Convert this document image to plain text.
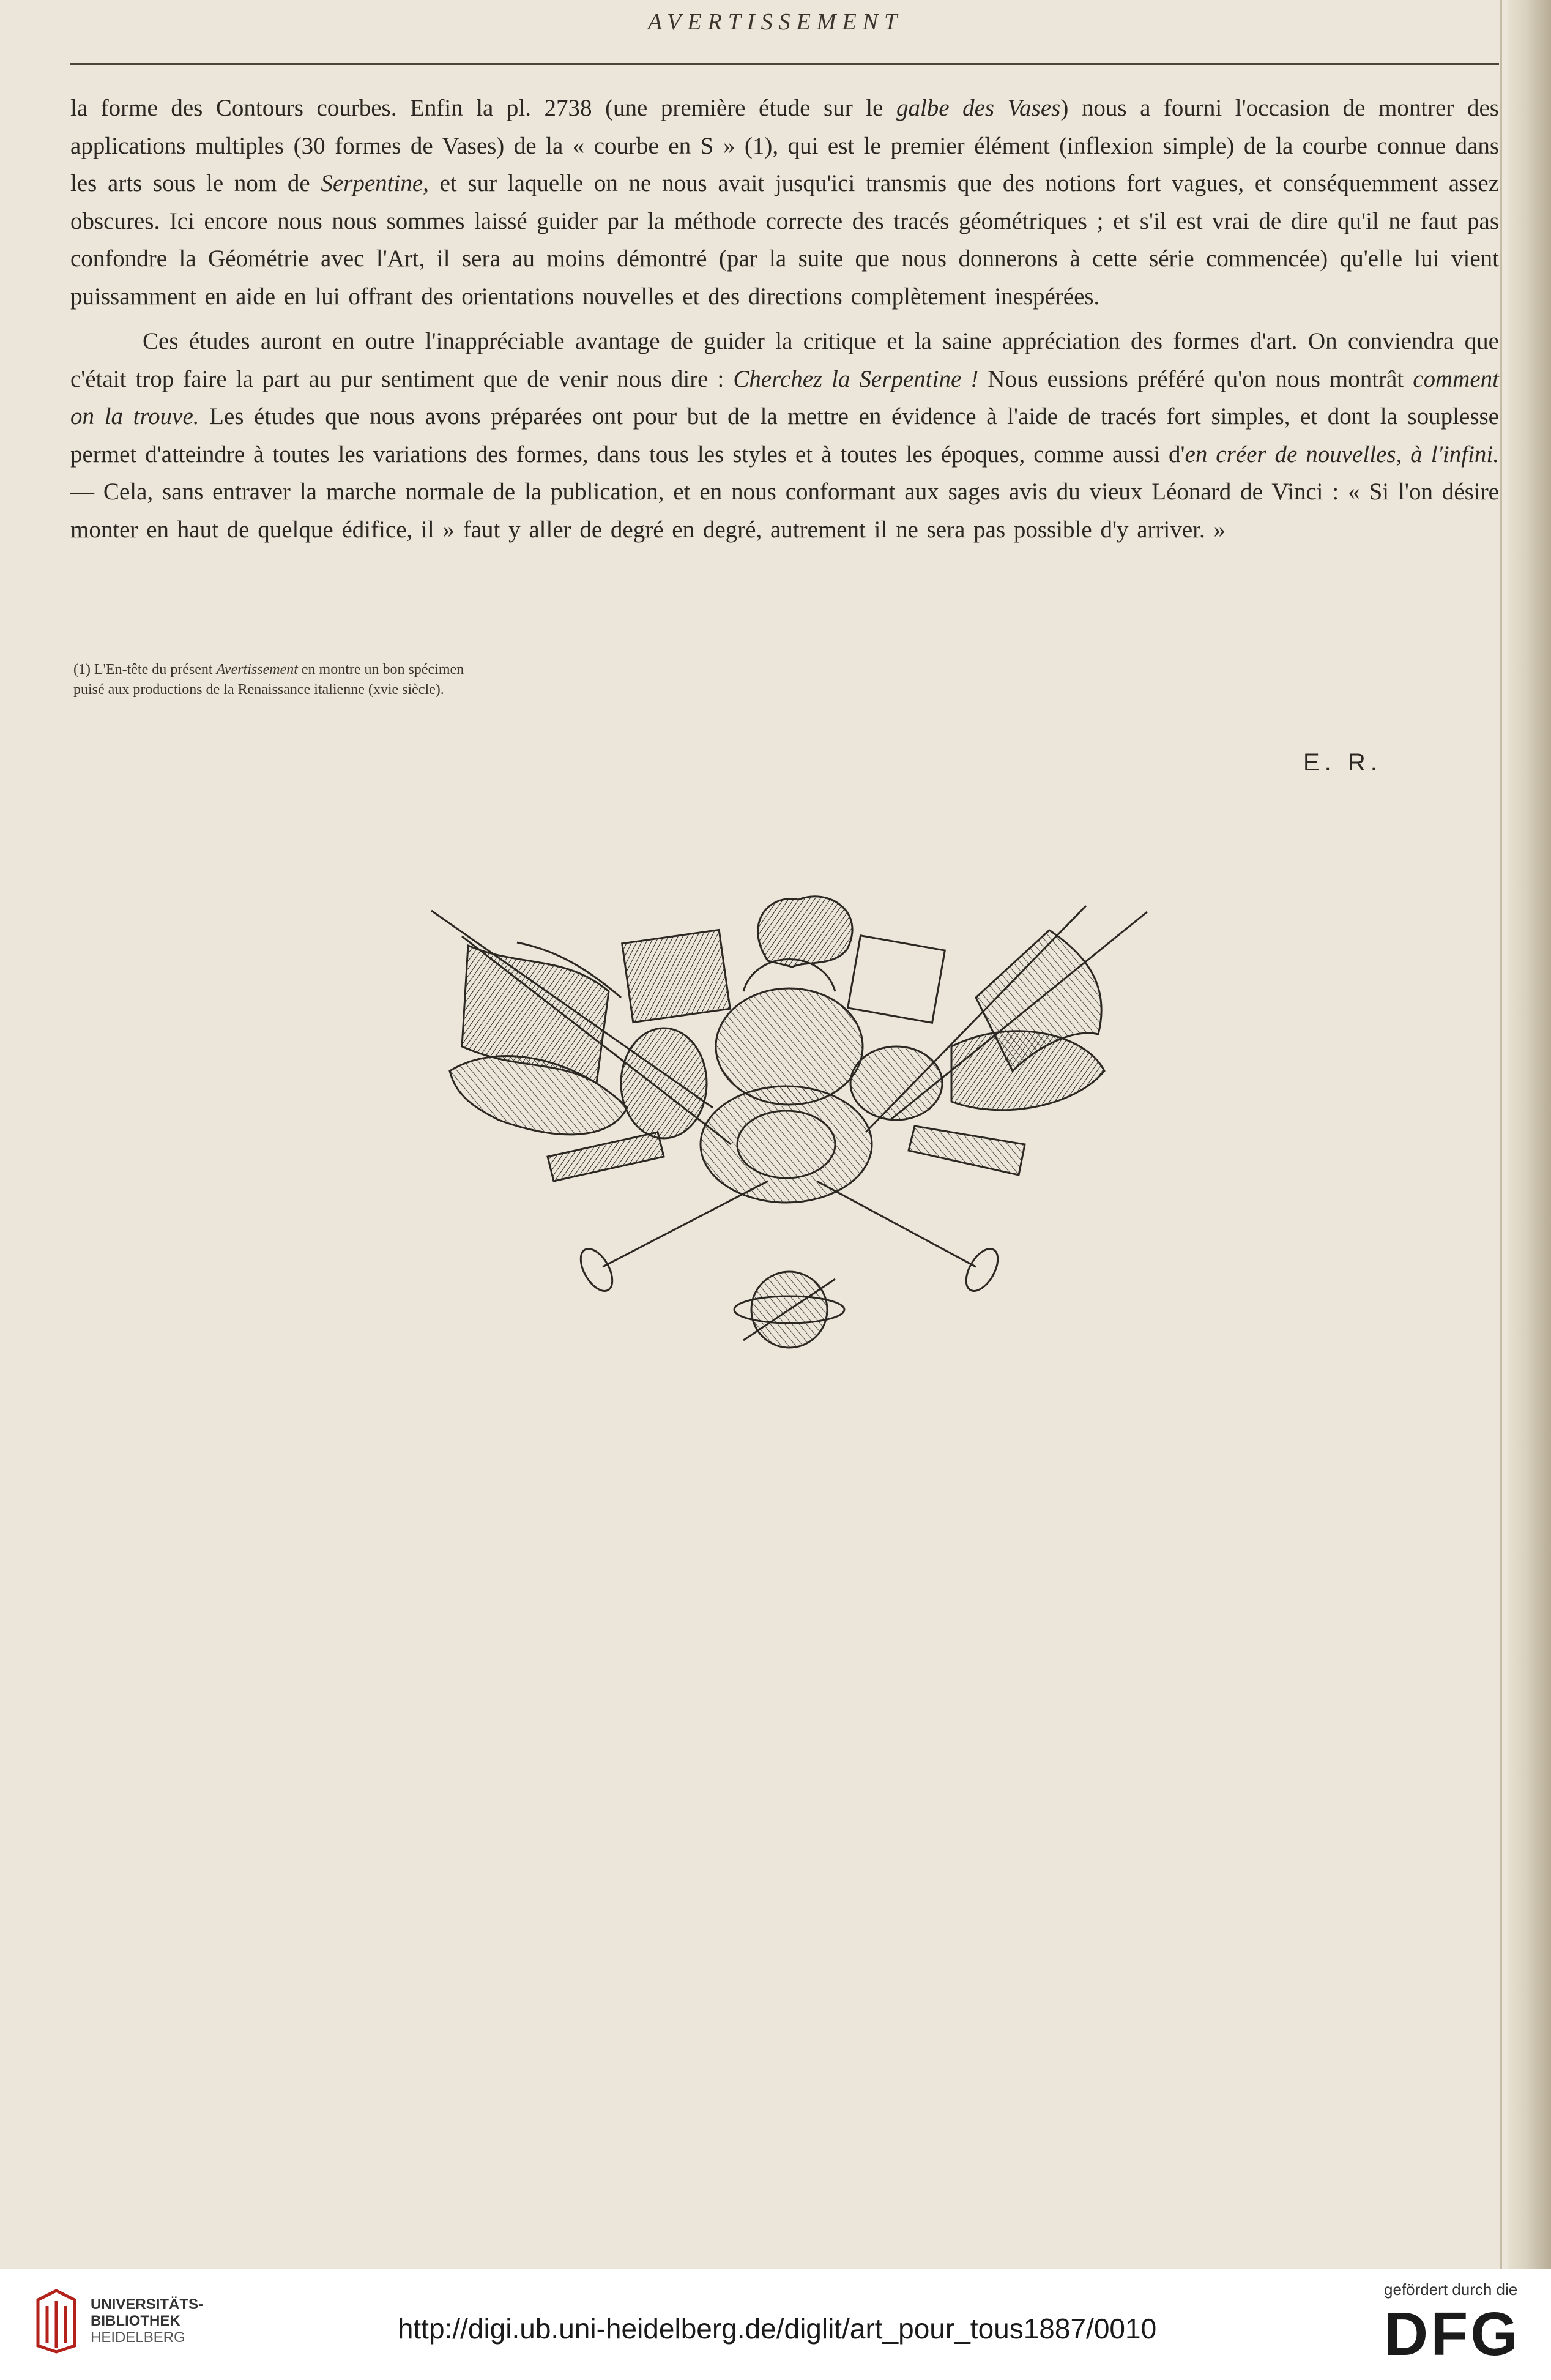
AVERTISSEMENT

la forme des Contours courbes. Enfin la pl. 2738 (une première étude sur le galbe des Vases) nous a fourni l'occasion de montrer des applications multiples (30 formes de Vases) de la « courbe en S » (1), qui est le premier élément (inflexion simple) de la courbe connue dans les arts sous le nom de Serpentine, et sur laquelle on ne nous avait jusqu'ici transmis que des notions fort vagues, et conséquemment assez obscures. Ici encore nous nous sommes laissé guider par la méthode correcte des tracés géométriques ; et s'il est vrai de dire qu'il ne faut pas confondre la Géométrie avec l'Art, il sera au moins démontré (par la suite que nous donnerons à cette série commencée) qu'elle lui vient puissamment en aide en lui offrant des orientations nouvelles et des directions complètement inespérées.

Ces études auront en outre l'inappréciable avantage de guider la critique et la saine appréciation des formes d'art. On conviendra que c'était trop faire la part au pur sentiment que de venir nous dire : Cherchez la Serpentine ! Nous eussions préféré qu'on nous montrât comment on la trouve. Les études que nous avons préparées ont pour but de la mettre en évidence à l'aide de tracés fort simples, et dont la souplesse permet d'atteindre à toutes les variations des formes, dans tous les styles et à toutes les époques, comme aussi d'en créer de nouvelles, à l'infini. — Cela, sans entraver la marche normale de la publication, et en nous conformant aux sages avis du vieux Léonard de Vinci : « Si l'on désire monter en haut de quelque édifice, il » faut y aller de degré en degré, autrement il ne sera pas possible d'y arriver. »

(1) L'En-tête du présent Avertissement en montre un bon spécimen
puisé aux productions de la Renaissance italienne (xvie siècle).
E. R.
UNIVERSITÄTS-
BIBLIOTHEK
HEIDELBERG	http://digi.ub.uni-heidelberg.de/diglit/art_pour_tous1887/0010
gefördert durch die
DFG
